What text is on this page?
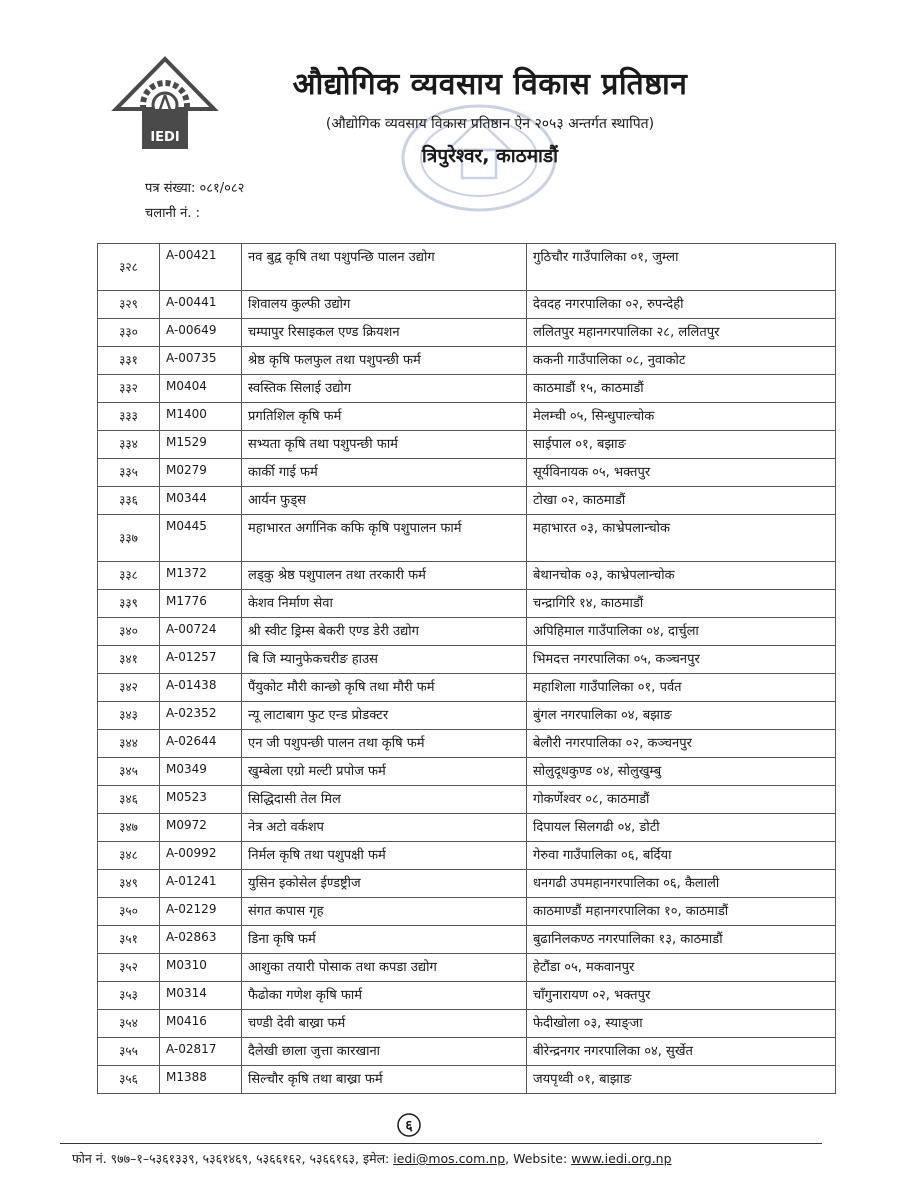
IEDI
औद्योगिक व्यवसाय विकास प्रतिष्ठान
(औद्योगिक व्यवसाय विकास प्रतिष्ठान ऐन २०५३ अन्तर्गत स्थापित)
त्रिपुरेश्वर, काठमाडौं
पत्र संख्या: ०८१/०८२
चलानी नं. :
३२८	A-00421	नव बुद्व कृषि तथा पशुपन्छि पालन उद्योग	गुठिचौर गाउँपालिका ०१, जुम्ला
३२९	A-00441	शिवालय कुल्फी उद्योग	देवदह नगरपालिका ०२, रुपन्देही
३३०	A-00649	चम्पापुर रिसाइकल एण्ड क्रियशन	ललितपुर महानगरपालिका २८, ललितपुर
३३१	A-00735	श्रेष्ठ कृषि फलफुल तथा पशुपन्छी फर्म	ककनी गाउँपालिका ०८, नुवाकोट
३३२	M0404	स्वस्तिक सिलाई उद्योग	काठमाडौं १५, काठमाडौं
३३३	M1400	प्रगतिशिल कृषि फर्म	मेलम्ची ०५, सिन्धुपाल्चोक
३३४	M1529	सभ्यता कृषि तथा पशुपन्छी फार्म	साईपाल ०१, बझाङ
३३५	M0279	कार्की गाई फर्म	सूर्यविनायक ०५, भक्तपुर
३३६	M0344	आर्यन फुड्स	टोखा ०२, काठमाडौं
३३७	M0445	महाभारत अर्गानिक कफि कृषि पशुपालन फार्म	महाभारत ०३, काभ्रेपलान्चोक
३३८	M1372	लड्कु श्रेष्ठ पशुपालन तथा तरकारी फर्म	बेथानचोक ०३, काभ्रेपलान्चोक
३३९	M1776	केशव निर्माण सेवा	चन्द्रागिरि १४, काठमाडौं
३४०	A-00724	श्री स्वीट ड्रिम्स बेकरी एण्ड डेरी उद्योग	अपिहिमाल गाउँपालिका ०४, दार्चुला
३४१	A-01257	बि जि म्यानुफेकचरीङ हाउस	भिमदत्त नगरपालिका ०५, कञ्चनपुर
३४२	A-01438	पैंयुकोट मौरी कान्छो कृषि तथा मौरी फर्म	महाशिला गाउँपालिका ०१, पर्वत
३४३	A-02352	न्यू लाटाबाग फुट एन्ड प्रोडक्टर	बुंगल नगरपालिका ०४, बझाङ
३४४	A-02644	एन जी पशुपन्छी पालन तथा कृषि फर्म	बेलौरी नगरपालिका ०२, कञ्चनपुर
३४५	M0349	खुम्बेला एग्रो मल्टी प्रपोज फर्म	सोलुदूधकुण्ड ०४, सोलुखुम्बु
३४६	M0523	सिद्धिदासी तेल मिल	गोकर्णेश्वर ०८, काठमाडौं
३४७	M0972	नेत्र अटो वर्कशप	दिपायल सिलगढी ०४, डोटी
३४८	A-00992	निर्मल कृषि तथा पशुपक्षी फर्म	गेरुवा गाउँपालिका ०६, बर्दिया
३४९	A-01241	युसिन इकोसेल ईण्डष्ट्रीज	धनगढी उपमहानगरपालिका ०६, कैलाली
३५०	A-02129	संगत कपास गृह	काठमाण्डौं महानगरपालिका १०, काठमाडौं
३५१	A-02863	डिना कृषि फर्म	बुढानिलकण्ठ नगरपालिका १३, काठमाडौं
३५२	M0310	आशुका तयारी पोसाक तथा कपडा उद्योग	हेटौंडा ०५, मकवानपुर
३५३	M0314	फैढोका गणेश कृषि फार्म	चाँगुनारायण ०२, भक्तपुर
३५४	M0416	चण्डी देवी बाख्रा फर्म	फेदीखोला ०३, स्याङ्जा
३५५	A-02817	दैलेखी छाला जुत्ता कारखाना	बीरेन्द्रनगर नगरपालिका ०४, सुर्खेत
३५६	M1388	सिल्चौर कृषि तथा बाख्रा फर्म	जयपृथ्वी ०१, बाझाङ
६
फोन नं. ९७७–१–५३६१३३९, ५३६१४६९, ५३६६१६२, ५३६६१६३, इमेल: iedi@mos.com.np, Website: www.iedi.org.np
